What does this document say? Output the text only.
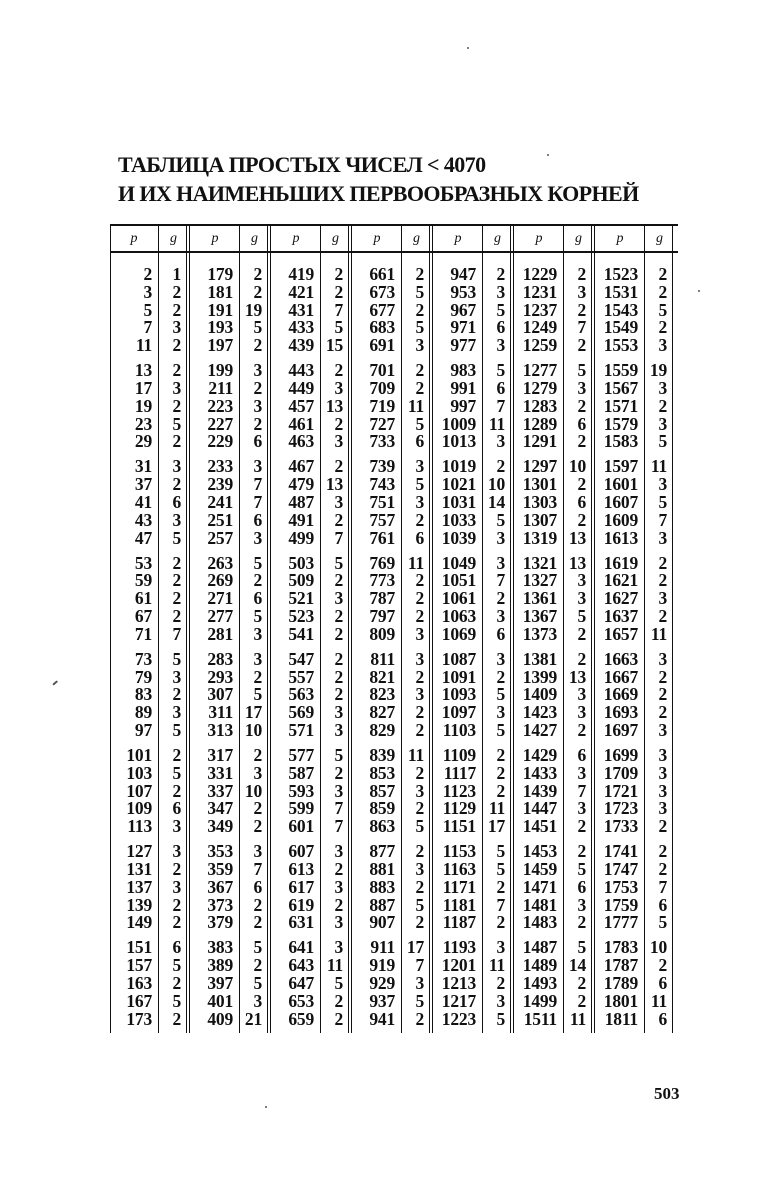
ТАБЛИЦА ПРОСТЫХ ЧИСЕЛ < 4070
И ИХ НАИМЕНЬШИХ ПЕРВООБРАЗНЫХ КОРНЕЙ
p
2
3
5
7
11
13
17
19
23
29
31
37
41
43
47
53
59
61
67
71
73
79
83
89
97
101
103
107
109
113
127
131
137
139
149
151
157
163
167
173
g
1
2
2
3
2
2
3
2
5
2
3
2
6
3
5
2
2
2
2
7
5
3
2
3
5
2
5
2
6
3
3
2
3
2
2
6
5
2
5
2
p
179
181
191
193
197
199
211
223
227
229
233
239
241
251
257
263
269
271
277
281
283
293
307
311
313
317
331
337
347
349
353
359
367
373
379
383
389
397
401
409
g
2
2
19
5
2
3
2
3
2
6
3
7
7
6
3
5
2
6
5
3
3
2
5
17
10
2
3
10
2
2
3
7
6
2
2
5
2
5
3
21
p
419
421
431
433
439
443
449
457
461
463
467
479
487
491
499
503
509
521
523
541
547
557
563
569
571
577
587
593
599
601
607
613
617
619
631
641
643
647
653
659
g
2
2
7
5
15
2
3
13
2
3
2
13
3
2
7
5
2
3
2
2
2
2
2
3
3
5
2
3
7
7
3
2
3
2
3
3
11
5
2
2
p
661
673
677
683
691
701
709
719
727
733
739
743
751
757
761
769
773
787
797
809
811
821
823
827
829
839
853
857
859
863
877
881
883
887
907
911
919
929
937
941
g
2
5
2
5
3
2
2
11
5
6
3
5
3
2
6
11
2
2
2
3
3
2
3
2
2
11
2
3
2
5
2
3
2
5
2
17
7
3
5
2
p
947
953
967
971
977
983
991
997
1009
1013
1019
1021
1031
1033
1039
1049
1051
1061
1063
1069
1087
1091
1093
1097
1103
1109
1117
1123
1129
1151
1153
1163
1171
1181
1187
1193
1201
1213
1217
1223
g
2
3
5
6
3
5
6
7
11
3
2
10
14
5
3
3
7
2
3
6
3
2
5
3
5
2
2
2
11
17
5
5
2
7
2
3
11
2
3
5
p
1229
1231
1237
1249
1259
1277
1279
1283
1289
1291
1297
1301
1303
1307
1319
1321
1327
1361
1367
1373
1381
1399
1409
1423
1427
1429
1433
1439
1447
1451
1453
1459
1471
1481
1483
1487
1489
1493
1499
1511
g
2
3
2
7
2
5
3
2
6
2
10
2
6
2
13
13
3
3
5
2
2
13
3
3
2
6
3
7
3
2
2
5
6
3
2
5
14
2
2
11
p
1523
1531
1543
1549
1553
1559
1567
1571
1579
1583
1597
1601
1607
1609
1613
1619
1621
1627
1637
1657
1663
1667
1669
1693
1697
1699
1709
1721
1723
1733
1741
1747
1753
1759
1777
1783
1787
1789
1801
1811
g
2
2
5
2
3
19
3
2
3
5
11
3
5
7
3
2
2
3
2
11
3
2
2
2
3
3
3
3
3
2
2
2
7
6
5
10
2
6
11
6
503
